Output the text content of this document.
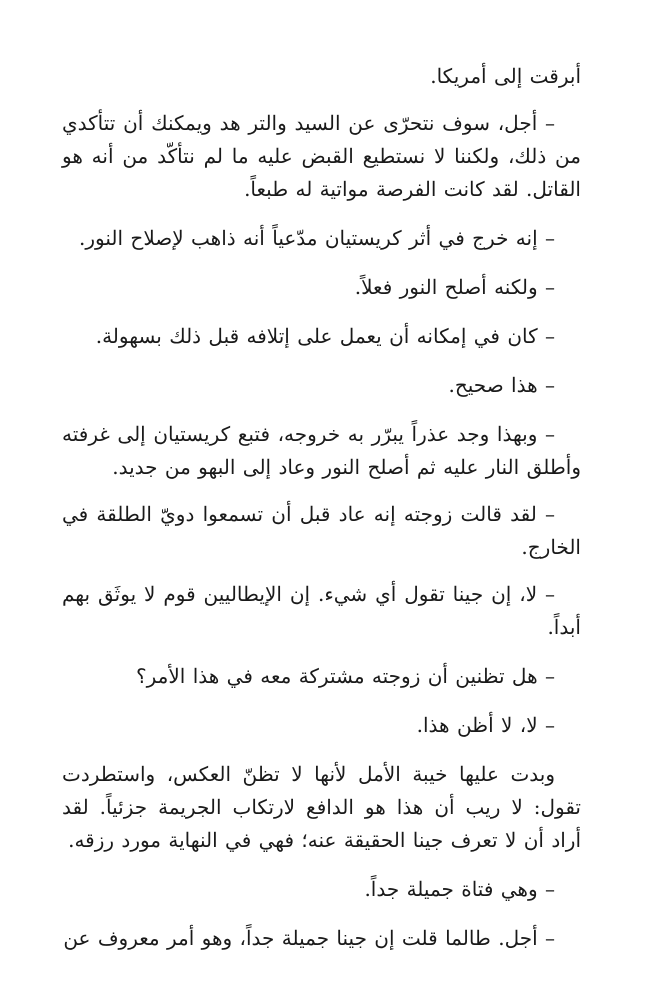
أبرقت إلى أمريكا.

– أجل، سوف نتحرّى عن السيد والتر هد ويمكنك أن تتأكدي من ذلك، ولكننا لا نستطيع القبض عليه ما لم نتأكّد من أنه هو القاتل. لقد كانت الفرصة مواتية له طبعاً.

– إنه خرج في أثر كريستيان مدّعياً أنه ذاهب لإصلاح النور.

– ولكنه أصلح النور فعلاً.

– كان في إمكانه أن يعمل على إتلافه قبل ذلك بسهولة.

– هذا صحيح.

– وبهذا وجد عذراً يبرّر به خروجه، فتبع كريستيان إلى غرفته وأطلق النار عليه ثم أصلح النور وعاد إلى البهو من جديد.

– لقد قالت زوجته إنه عاد قبل أن تسمعوا دويّ الطلقة في الخارج.

– لا، إن جينا تقول أي شيء. إن الإيطاليين قوم لا يوثَق بهم أبداً.

– هل تظنين أن زوجته مشتركة معه في هذا الأمر؟

– لا، لا أظن هذا.

وبدت عليها خيبة الأمل لأنها لا تظنّ العكس، واستطردت تقول: لا ريب أن هذا هو الدافع لارتكاب الجريمة جزئياً. لقد أراد أن لا تعرف جينا الحقيقة عنه؛ فهي في النهاية مورد رزقه.

– وهي فتاة جميلة جداً.

– أجل. طالما قلت إن جينا جميلة جداً، وهو أمر معروف عن
